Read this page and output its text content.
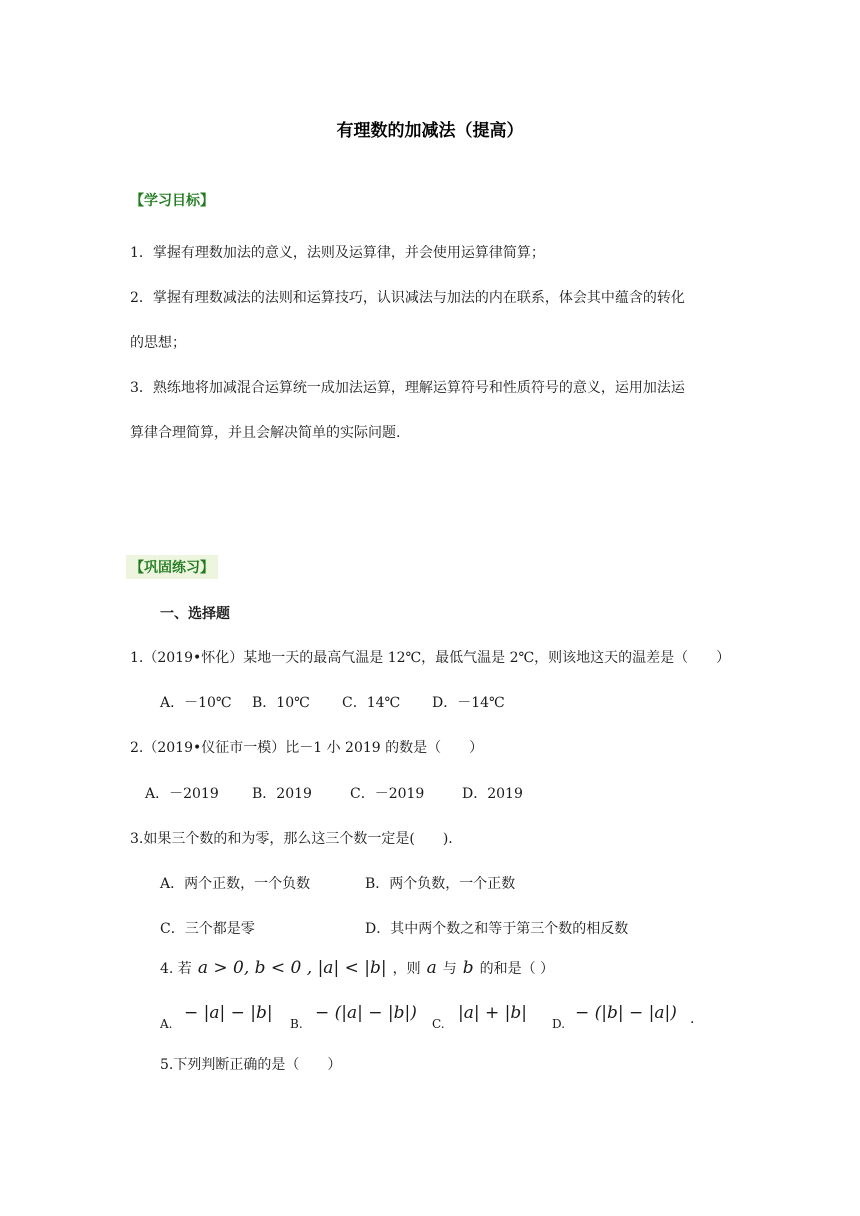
有理数的加减法（提高）
【学习目标】
1．掌握有理数加法的意义，法则及运算律，并会使用运算律简算；
2．掌握有理数减法的法则和运算技巧，认识减法与加法的内在联系，体会其中蕴含的转化
的思想；
3．熟练地将加减混合运算统一成加法运算，理解运算符号和性质符号的意义，运用加法运
算律合理简算，并且会解决简单的实际问题.
【巩固练习】
一、选择题
1.（2019•怀化）某地一天的最高气温是 12℃，最低气温是 2℃，则该地这天的温差是（　　）
A．－10℃ B．10℃ C．14℃ D．－14℃
2.（2019•仪征市一模）比－1 小 2019 的数是（　　）
A．－2019 B．2019	C．－2019	D．2019
3.如果三个数的和为零，那么这三个数一定是(　　).
A．两个正数，一个负数	B．两个负数，一个正数
C．三个都是零	D．其中两个数之和等于第三个数的相反数
4. 若 a > 0, b < 0 , |a| < |b| ，则 a 与 b 的和是（ ）
A.
− |a| − |b|
B.
− (|a| − |b|)
C.
|a| + |b|
D.
− (|b| − |a|) .
5.下列判断正确的是（　　）
